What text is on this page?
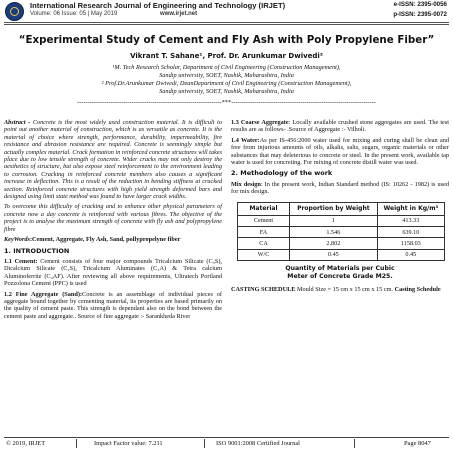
International Research Journal of Engineering and Technology (IRJET)
Volume: 06 Issue: 05 | May 2019	www.irjet.net
e-ISSN: 2395-0056
p-ISSN: 2395-0072
“Experimental Study of Cement and Fly Ash with Poly Propylene Fiber”
Vikrant T. Sahane¹, Prof. Dr. Arunkumar Dwivedi²
¹M. Tech Research Scholar, Department of Civil Engineering (Construction Management),
Sandip university, SOET, Nashik, Maharashtra, India
² Prof.Dr.Arunkumar Dwivedi, DeanDepartment of Civil Engineering (Construction Management),
Sandip university, SOET, Nashik, Maharashtra, India
---------------------------------------------------------------------***---------------------------------------------------------------------

Abstract - Concrete is the most widely used construction material. It is difficult to point out another material of construction, which is as versatile as concrete. It is the material of choice where strength, performance, durability, impermeability, fire resistance and abrasion resistance are required. Concrete is seemingly simple but actually complex material. Crack formation in reinforced concrete structures will takes place due to low tensile strength of concrete. Wider cracks may not only destroy the aesthetics of structure, but also expose steel reinforcement to the environment leading to corrosion. Cracking in reinforced concrete members also causes a significant increase in deflection. This is a result of the reduction in bending stiffness at cracked section. Reinforced concrete structures with high yield strength deformed bars and designed using limit state method was found to have larger crack widths.

To overcome this difficulty of cracking and to enhance other physical parameters of concrete now a day concrete is reinforced with various fibres. The objective of the project is to analyse the maximum strength of concrete with fly ash and polypropylene fibre

KeyWords:Cement, Aggregate, Fly Ash, Sand, pollypropelyne fiber

1. INTRODUCTION

1.1 Cement: Cement consists of four major compounds Tricalcium Silicate (C₃S), Dicalcium Silicate (C₂S), Tricalcium Aluminates (C₃A) & Tetra calcium Aluminoferrite (C₄AF). After reviewing all above requirements, Ultratech Portland Pozzolona Cement (PPC) is used

1.2 Fine Aggregate (Sand):Concrete is an assemblage of individual pieces of aggregate bound together by cementing material, its properties are based primarily on the quality of cement paste. This strength is dependant also on the bond between the cement paste and aggregate.. Source of fine aggregate :- Sarankheda River

1.3 Coarse Aggregate: Locally available crushed stone aggregates are used. The test results are as follows- .Source of Aggregate :- Vilholi.

1.4 Water:As per IS-456:2000 water used for mixing and curing shall be clean and free from injurious amounts of oils, alkalis, salts, sugars, organic materials or other substances that may deleterious to concrete or steel. In the present work, available tap water is used for concreting. For mixing of concrete distill water was used.

2. Methodology of the work

Mix design: In the present work, Indian Standard method (IS: 10262 - 1982) is used for mix design.

Material	Proportion by Weight	Weight in Kg/m³
Cement	1	413.33
FA	1.546	639.10
CA	2.802	1158.03
W/C	0.45	0.45
Quantity of Materials per Cubic
Meter of Concrete Grade M25.

CASTING SCHEDULE Mould Size = 15 cm x 15 cm x 15 cm. Casting Schedule

© 2019, IRJET	Impact Factor value: 7.211	ISO 9001:2008 Certified Journal	Page 8047
